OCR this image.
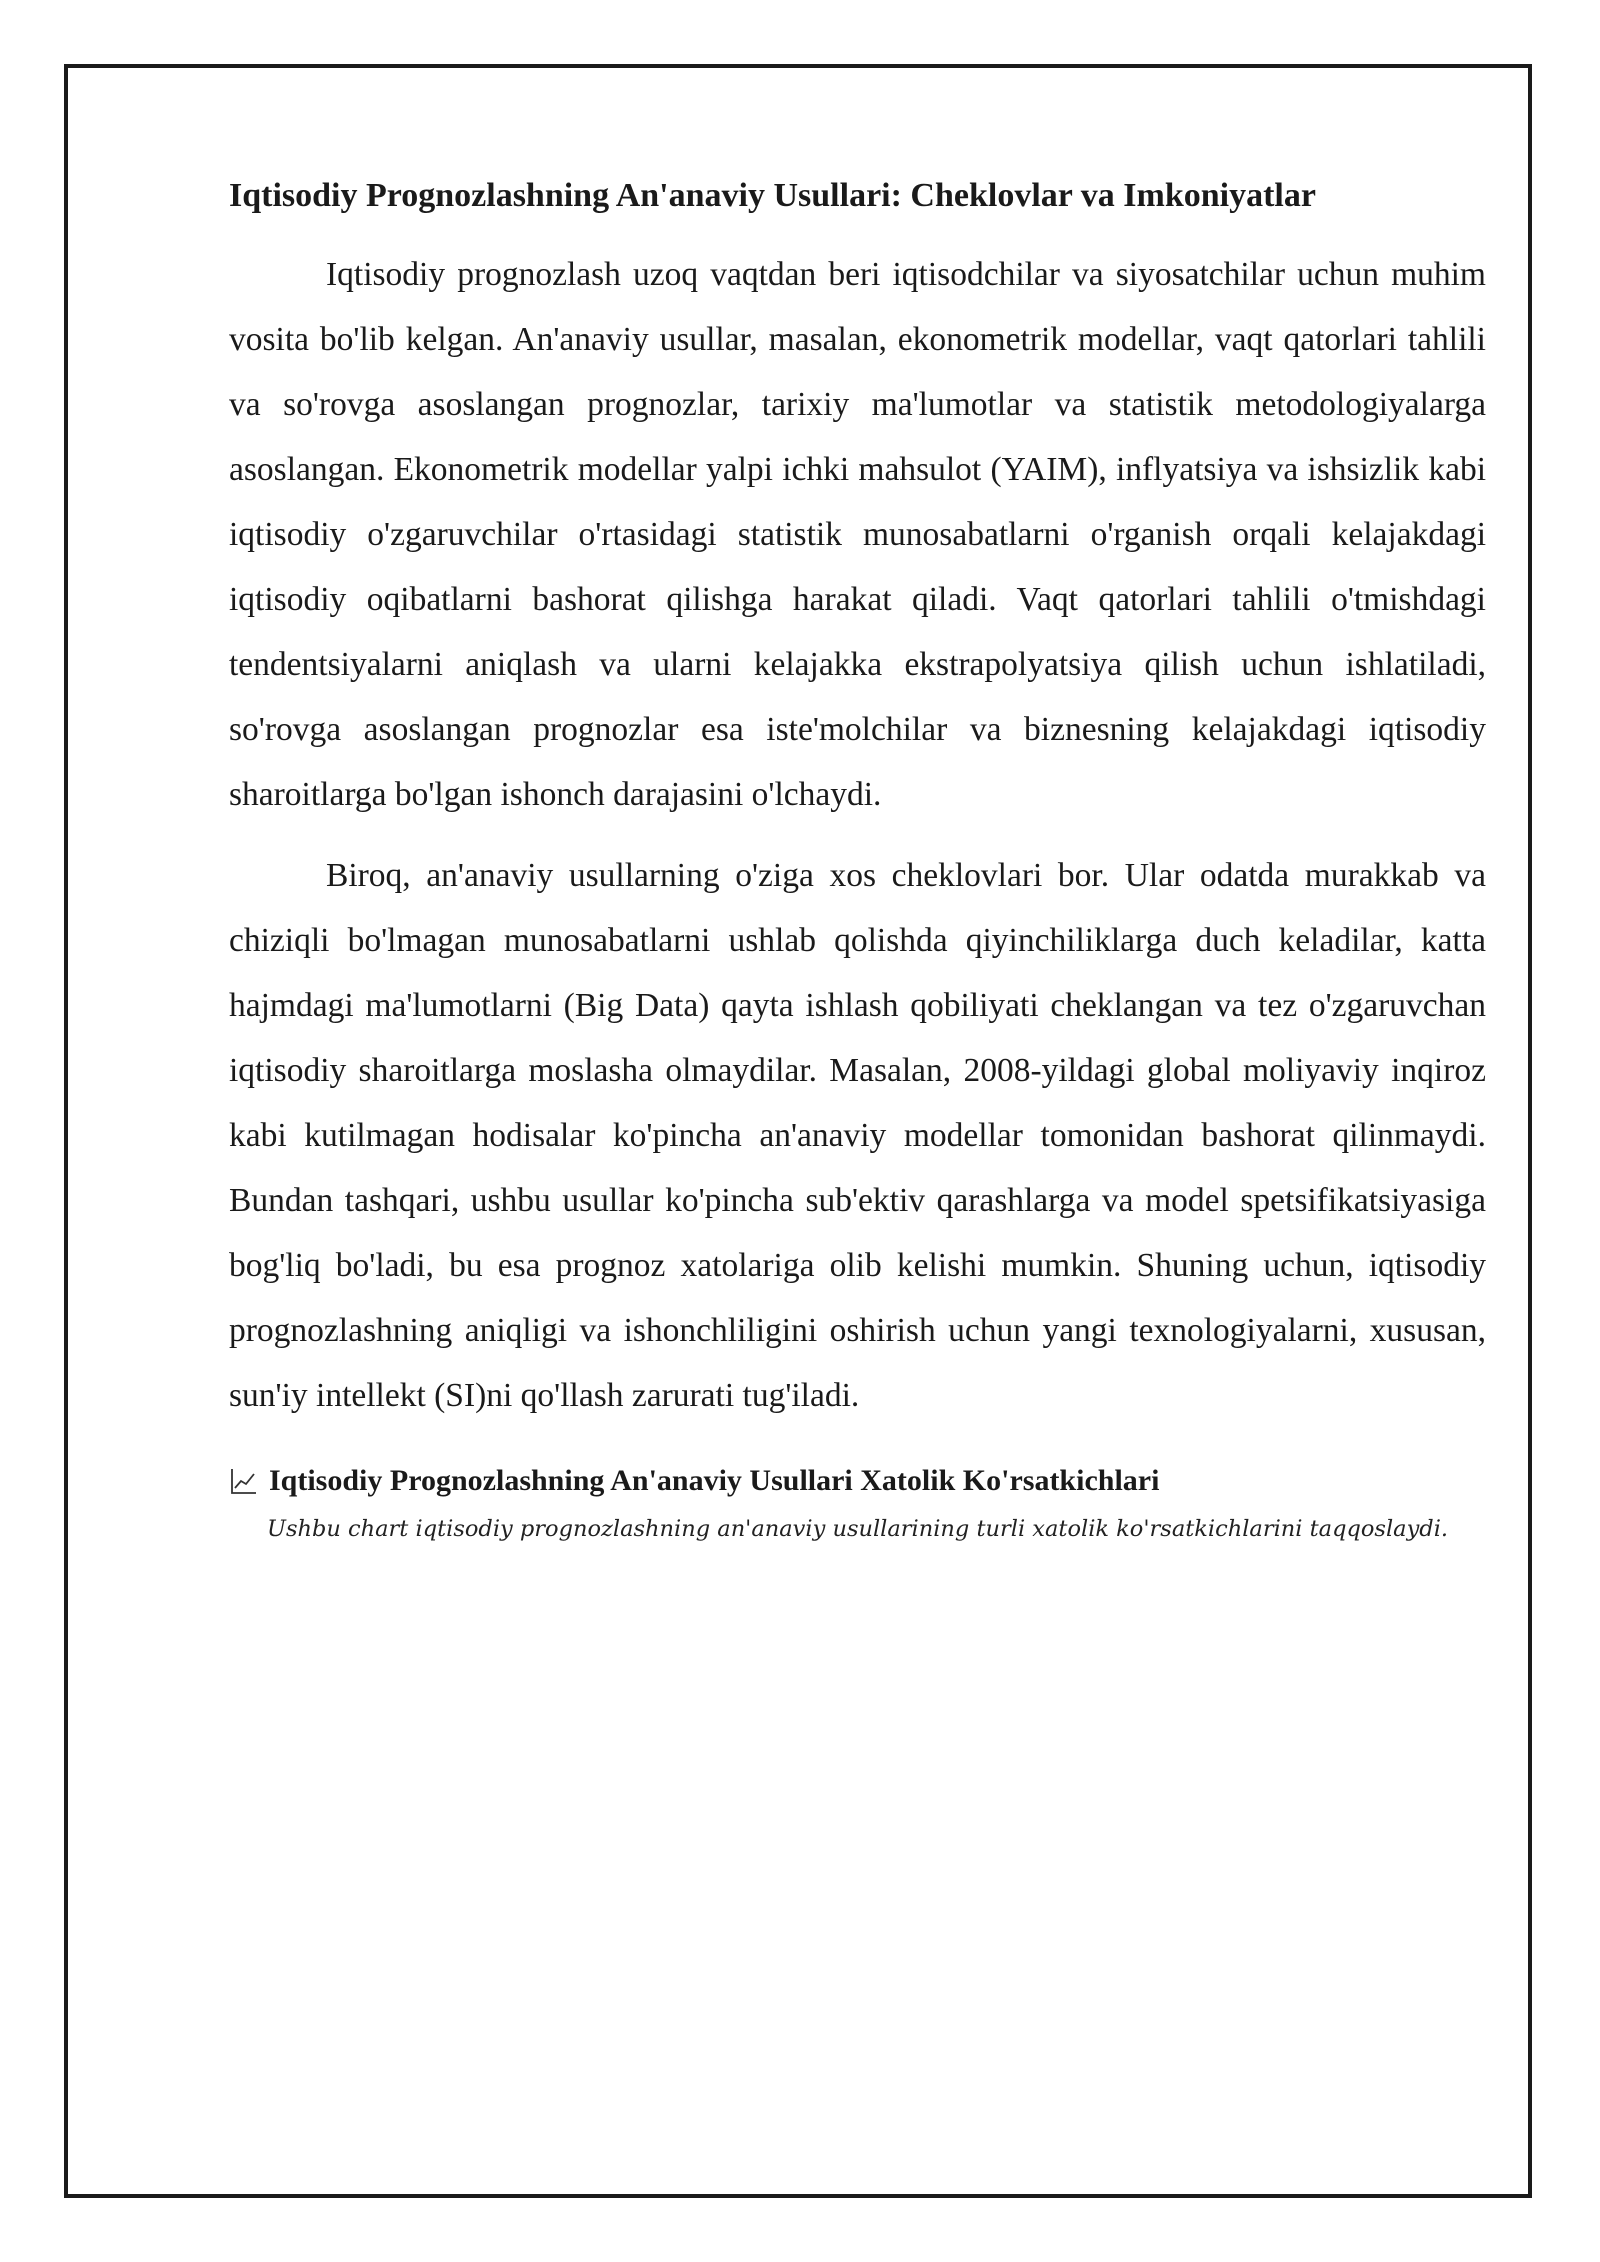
Iqtisodiy Prognozlashning An'anaviy Usullari: Cheklovlar va Imkoniyatlar

Iqtisodiy prognozlash uzoq vaqtdan beri iqtisodchilar va siyosatchilar uchun muhim vosita bo'lib kelgan. An'anaviy usullar, masalan, ekonometrik modellar, vaqt qatorlari tahlili va so'rovga asoslangan prognozlar, tarixiy ma'lumotlar va statistik metodologiyalarga asoslangan. Ekonometrik modellar yalpi ichki mahsulot (YAIM), inflyatsiya va ishsizlik kabi iqtisodiy o'zgaruvchilar o'rtasidagi statistik munosabatlarni o'rganish orqali kelajakdagi iqtisodiy oqibatlarni bashorat qilishga harakat qiladi. Vaqt qatorlari tahlili o'tmishdagi tendentsiyalarni aniqlash va ularni kelajakka ekstrapolyatsiya qilish uchun ishlatiladi, so'rovga asoslangan prognozlar esa iste'molchilar va biznesning kelajakdagi iqtisodiy sharoitlarga bo'lgan ishonch darajasini o'lchaydi.

Biroq, an'anaviy usullarning o'ziga xos cheklovlari bor. Ular odatda murakkab va chiziqli bo'lmagan munosabatlarni ushlab qolishda qiyinchiliklarga duch keladilar, katta hajmdagi ma'lumotlarni (Big Data) qayta ishlash qobiliyati cheklangan va tez o'zgaruvchan iqtisodiy sharoitlarga moslasha olmaydilar. Masalan, 2008-yildagi global moliyaviy inqiroz kabi kutilmagan hodisalar ko'pincha an'anaviy modellar tomonidan bashorat qilinmaydi. Bundan tashqari, ushbu usullar ko'pincha sub'ektiv qarashlarga va model spetsifikatsiyasiga bog'liq bo'ladi, bu esa prognoz xatolariga olib kelishi mumkin. Shuning uchun, iqtisodiy prognozlashning aniqligi va ishonchliligini oshirish uchun yangi texnologiyalarni, xususan, sun'iy intellekt (SI)ni qo'llash zarurati tug'iladi.

Iqtisodiy Prognozlashning An'anaviy Usullari Xatolik Ko'rsatkichlari
Ushbu chart iqtisodiy prognozlashning an'anaviy usullarining turli xatolik ko'rsatkichlarini taqqoslaydi.
